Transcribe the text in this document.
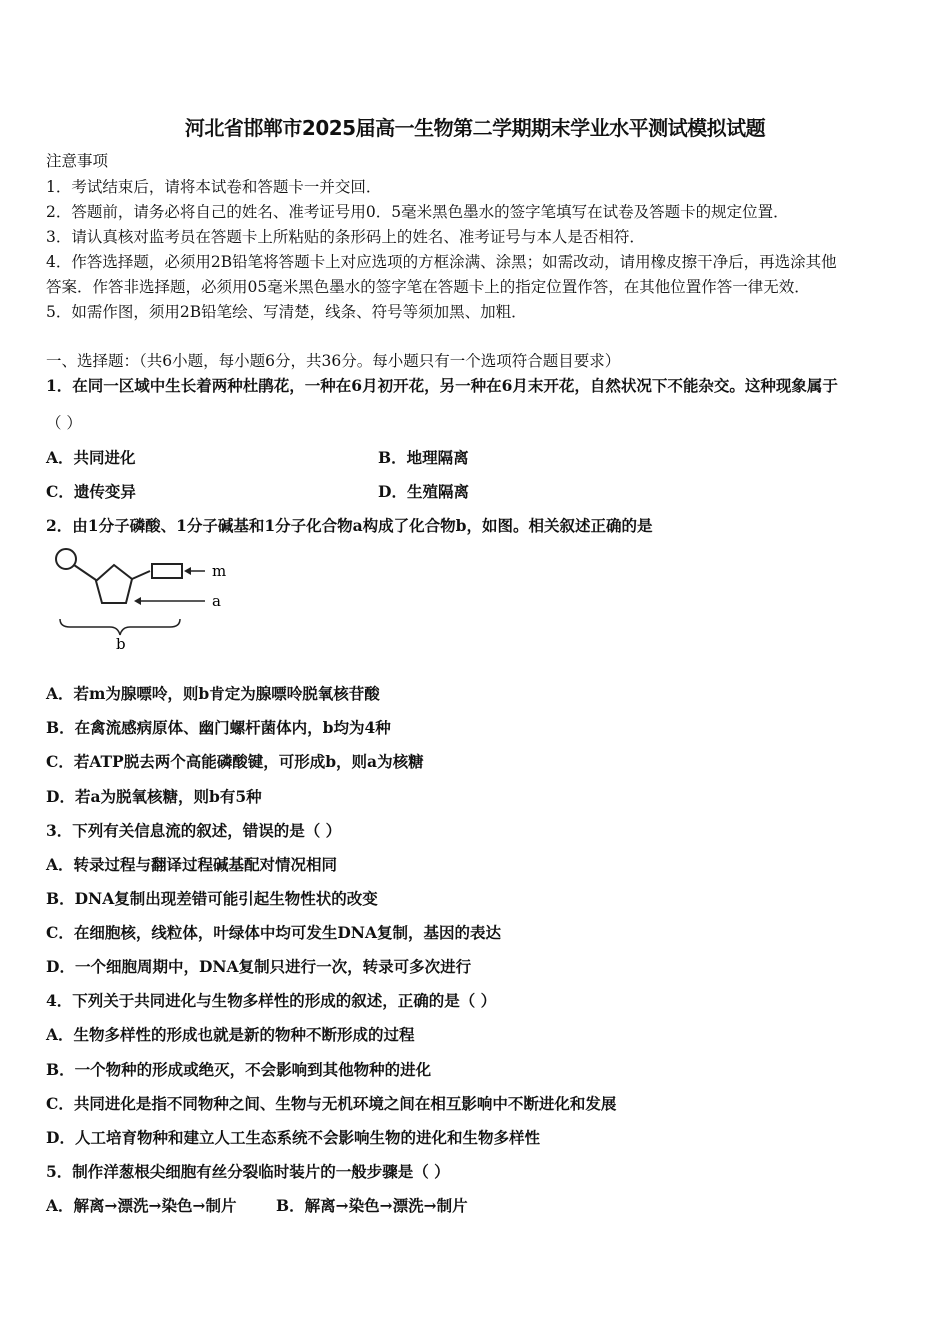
河北省邯郸市2025届高一生物第二学期期末学业水平测试模拟试题
注意事项
1．考试结束后，请将本试卷和答题卡一并交回．
2．答题前，请务必将自己的姓名、准考证号用0．5毫米黑色墨水的签字笔填写在试卷及答题卡的规定位置．
3．请认真核对监考员在答题卡上所粘贴的条形码上的姓名、准考证号与本人是否相符．
4．作答选择题，必须用2B铅笔将答题卡上对应选项的方框涂满、涂黑；如需改动，请用橡皮擦干净后，再选涂其他
答案．作答非选择题，必须用05毫米黑色墨水的签字笔在答题卡上的指定位置作答，在其他位置作答一律无效．
5．如需作图，须用2B铅笔绘、写清楚，线条、符号等须加黑、加粗．
一、选择题：（共6小题，每小题6分，共36分。每小题只有一个选项符合题目要求）
1．在同一区域中生长着两种杜鹃花，一种在6月初开花，另一种在6月末开花，自然状况下不能杂交。这种现象属于
（ ）
A．共同进化	B．地理隔离
C．遗传变异	D．生殖隔离
2．由1分子磷酸、1分子碱基和1分子化合物a构成了化合物b，如图。相关叙述正确的是
m
a
b
A．若m为腺嘌呤，则b肯定为腺嘌呤脱氧核苷酸
B．在禽流感病原体、幽门螺杆菌体内，b均为4种
C．若ATP脱去两个高能磷酸键，可形成b，则a为核糖
D．若a为脱氧核糖，则b有5种
3．下列有关信息流的叙述，错误的是（ ）
A．转录过程与翻译过程碱基配对情况相同
B．DNA复制出现差错可能引起生物性状的改变
C．在细胞核，线粒体，叶绿体中均可发生DNA复制，基因的表达
D．一个细胞周期中，DNA复制只进行一次，转录可多次进行
4．下列关于共同进化与生物多样性的形成的叙述，正确的是（ ）
A．生物多样性的形成也就是新的物种不断形成的过程
B．一个物种的形成或绝灭，不会影响到其他物种的进化
C．共同进化是指不同物种之间、生物与无机环境之间在相互影响中不断进化和发展
D．人工培育物种和建立人工生态系统不会影响生物的进化和生物多样性
5．制作洋葱根尖细胞有丝分裂临时装片的一般步骤是（ ）
A．解离→漂洗→染色→制片	B．解离→染色→漂洗→制片
